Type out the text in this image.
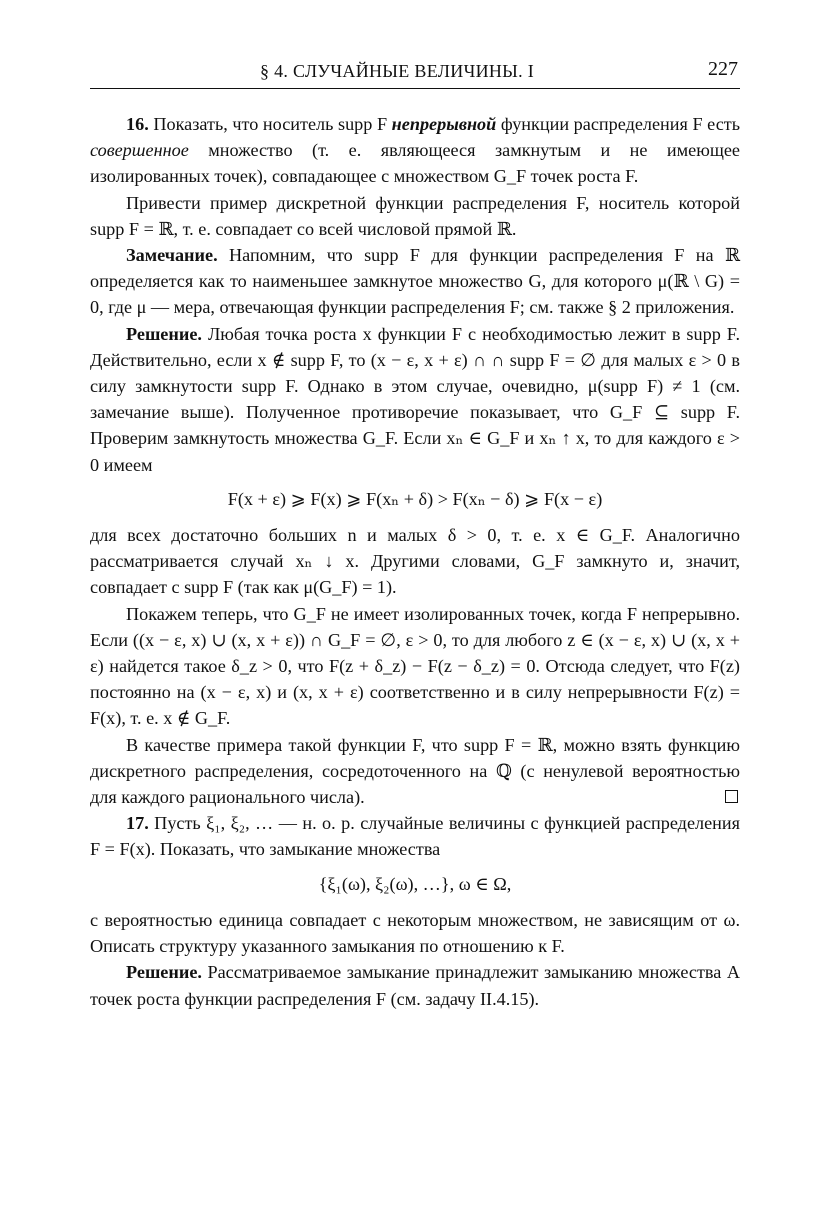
§ 4. СЛУЧАЙНЫЕ ВЕЛИЧИНЫ. I	227

16. Показать, что носитель supp F непрерывной функции распределения F есть совершенное множество (т. е. являющееся замкнутым и не имеющее изолированных точек), совпадающее с множеством G_F точек роста F.

Привести пример дискретной функции распределения F, носитель которой supp F = ℝ, т. е. совпадает со всей числовой прямой ℝ.

Замечание. Напомним, что supp F для функции распределения F на ℝ определяется как то наименьшее замкнутое множество G, для которого μ(ℝ \ G) = 0, где μ — мера, отвечающая функции распределения F; см. также § 2 приложения.

Решение. Любая точка роста x функции F с необходимостью лежит в supp F. Действительно, если x ∉ supp F, то (x − ε, x + ε) ∩ ∩ supp F = ∅ для малых ε > 0 в силу замкнутости supp F. Однако в этом случае, очевидно, μ(supp F) ≠ 1 (см. замечание выше). Полученное противоречие показывает, что G_F ⊆ supp F. Проверим замкнутость множества G_F. Если xₙ ∈ G_F и xₙ ↑ x, то для каждого ε > 0 имеем

F(x + ε) ⩾ F(x) ⩾ F(xₙ + δ) > F(xₙ − δ) ⩾ F(x − ε)

для всех достаточно больших n и малых δ > 0, т. е. x ∈ G_F. Аналогично рассматривается случай xₙ ↓ x. Другими словами, G_F замкнуто и, значит, совпадает с supp F (так как μ(G_F) = 1).

Покажем теперь, что G_F не имеет изолированных точек, когда F непрерывно. Если ((x − ε, x) ∪ (x, x + ε)) ∩ G_F = ∅, ε > 0, то для любого z ∈ (x − ε, x) ∪ (x, x + ε) найдется такое δ_z > 0, что F(z + δ_z) − F(z − δ_z) = 0. Отсюда следует, что F(z) постоянно на (x − ε, x) и (x, x + ε) соответственно и в силу непрерывности F(z) = F(x), т. е. x ∉ G_F.

В качестве примера такой функции F, что supp F = ℝ, можно взять функцию дискретного распределения, сосредоточенного на ℚ (с ненулевой вероятностью для каждого рационального числа).

17. Пусть ξ₁, ξ₂, … — н. о. р. случайные величины с функцией распределения F = F(x). Показать, что замыкание множества

{ξ₁(ω), ξ₂(ω), …}, ω ∈ Ω,

с вероятностью единица совпадает с некоторым множеством, не зависящим от ω. Описать структуру указанного замыкания по отношению к F.

Решение. Рассматриваемое замыкание принадлежит замыканию множества A точек роста функции распределения F (см. задачу II.4.15).
